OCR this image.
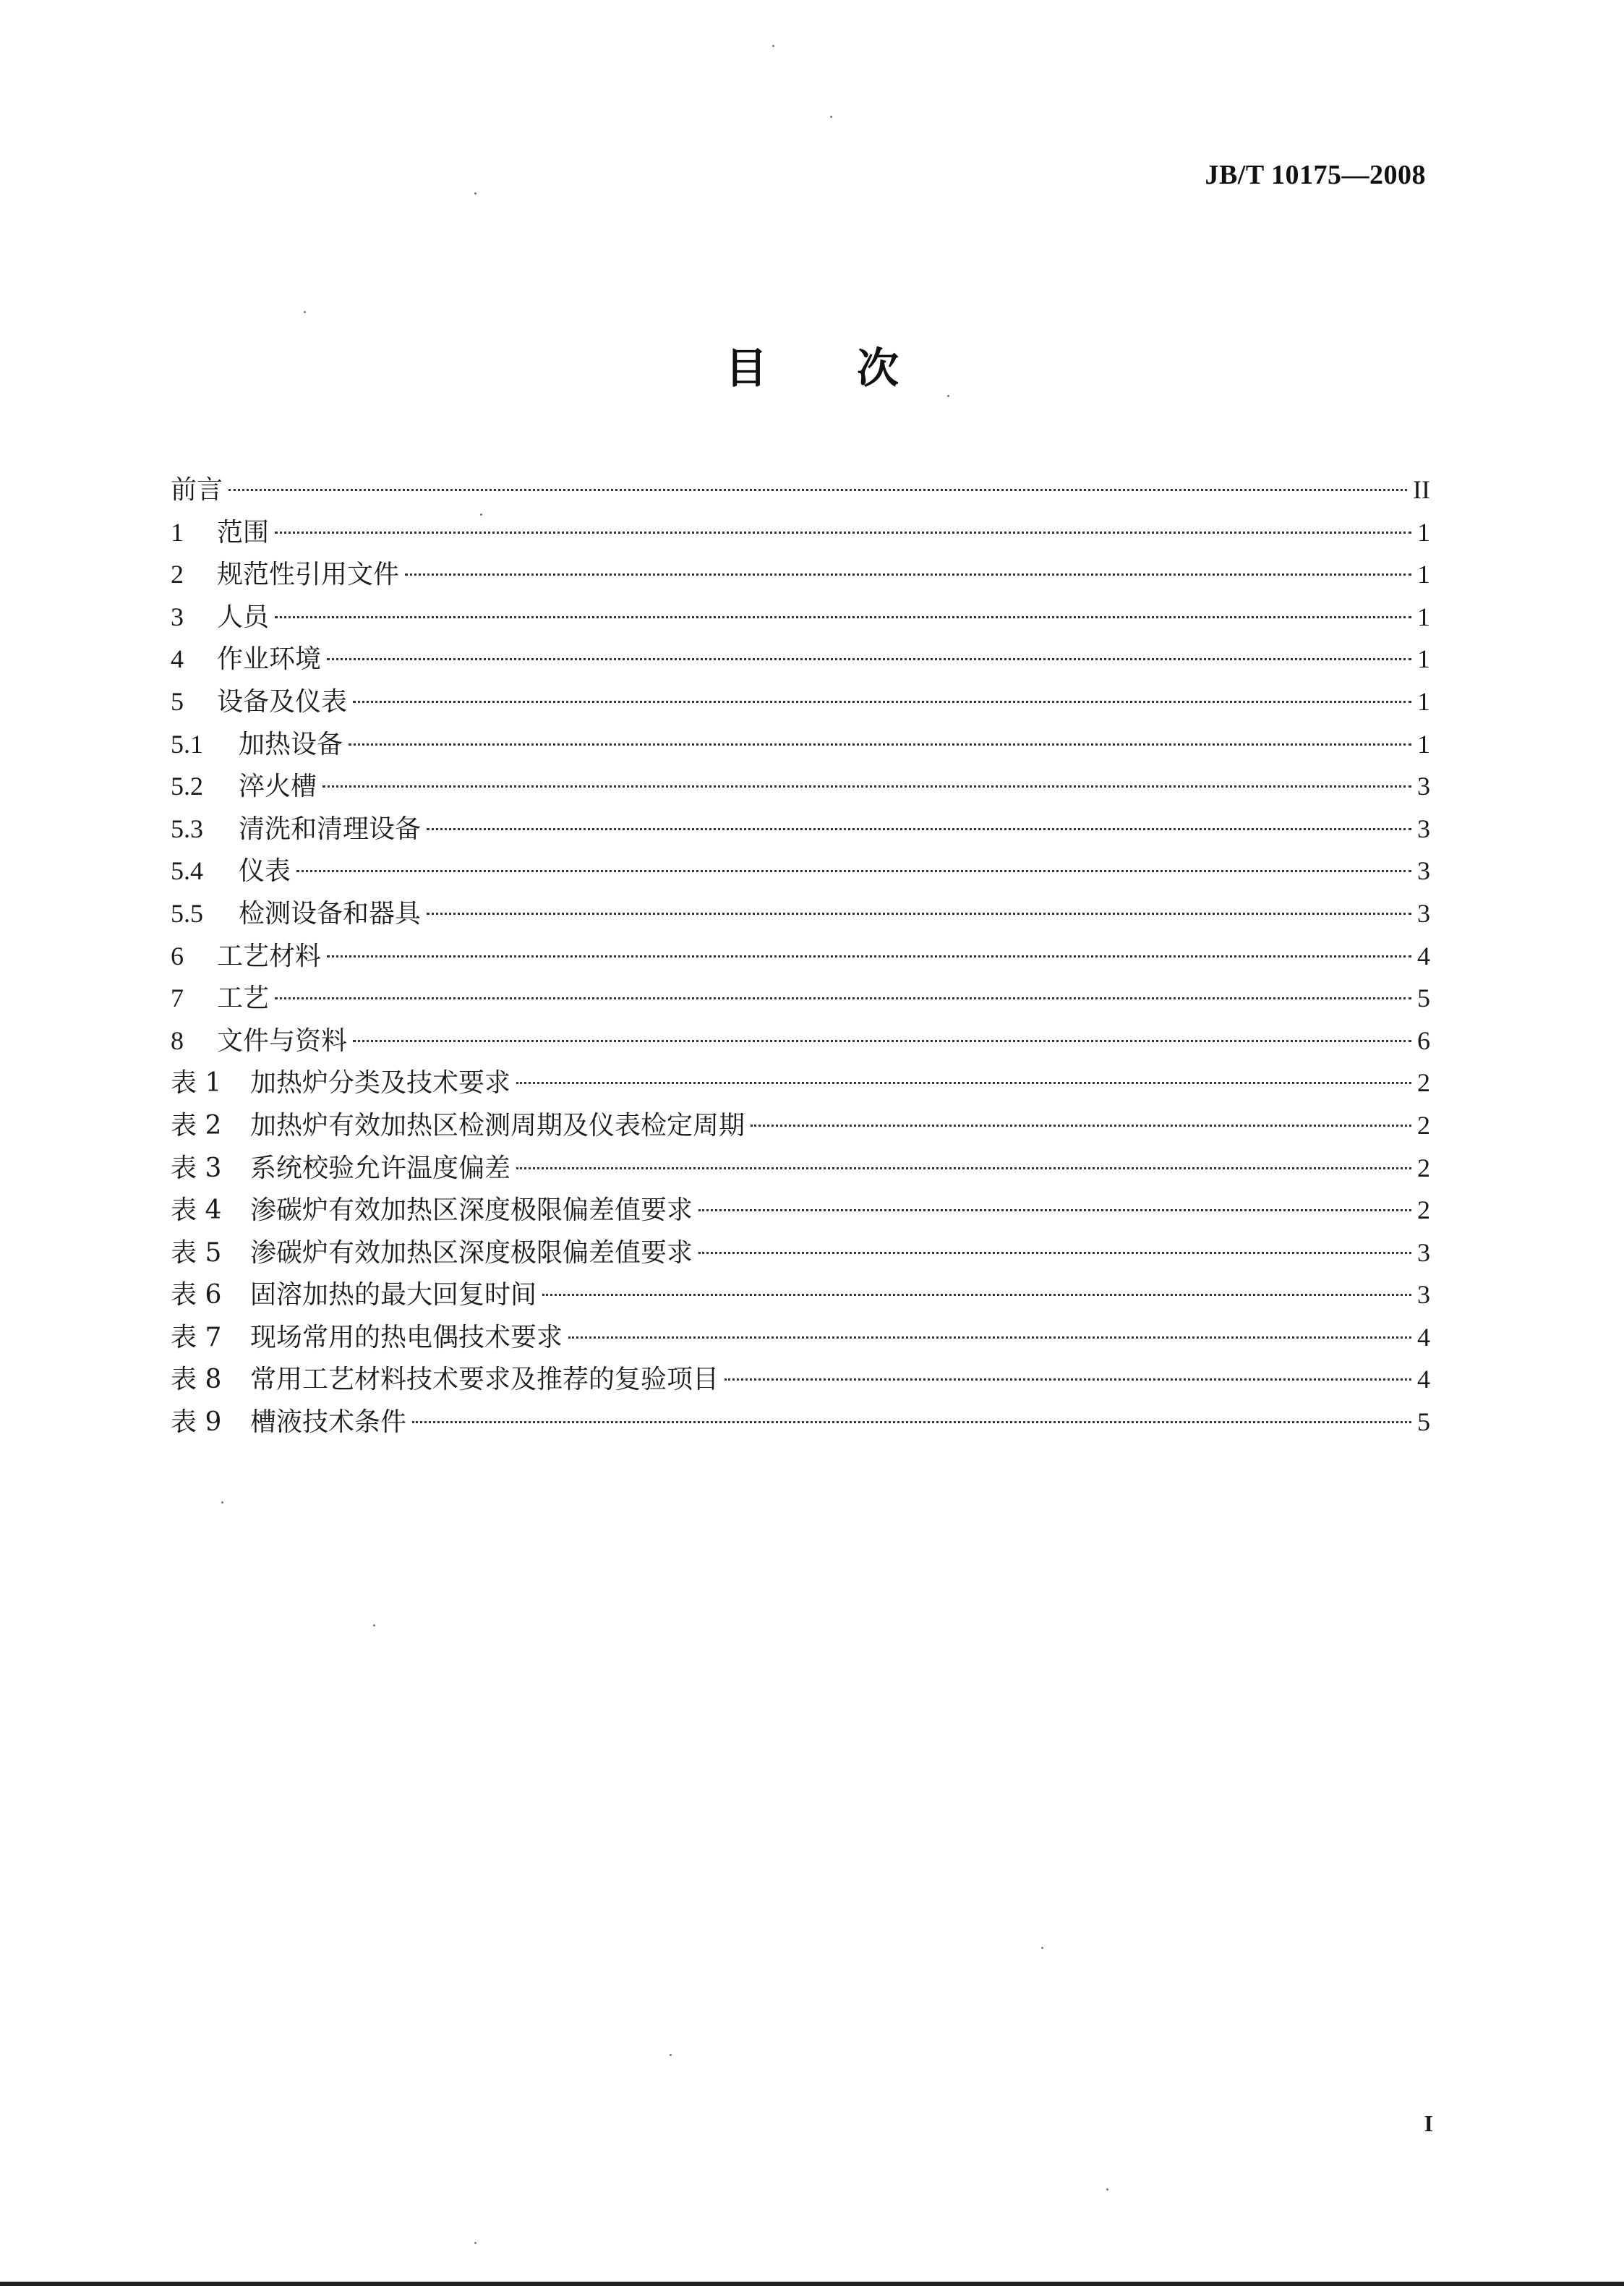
JB/T 10175—2008
目 次
前言	II
1	范围	1
2	规范性引用文件	1
3	人员	1
4	作业环境	1
5	设备及仪表	1
5.1	加热设备	1
5.2	淬火槽	3
5.3	清洗和清理设备	3
5.4	仪表	3
5.5	检测设备和器具	3
6	工艺材料	4
7	工艺	5
8	文件与资料	6
表 1	加热炉分类及技术要求	2
表 2	加热炉有效加热区检测周期及仪表检定周期	2
表 3	系统校验允许温度偏差	2
表 4	渗碳炉有效加热区深度极限偏差值要求	2
表 5	渗碳炉有效加热区深度极限偏差值要求	3
表 6	固溶加热的最大回复时间	3
表 7	现场常用的热电偶技术要求	4
表 8	常用工艺材料技术要求及推荐的复验项目	4
表 9	槽液技术条件	5
I
